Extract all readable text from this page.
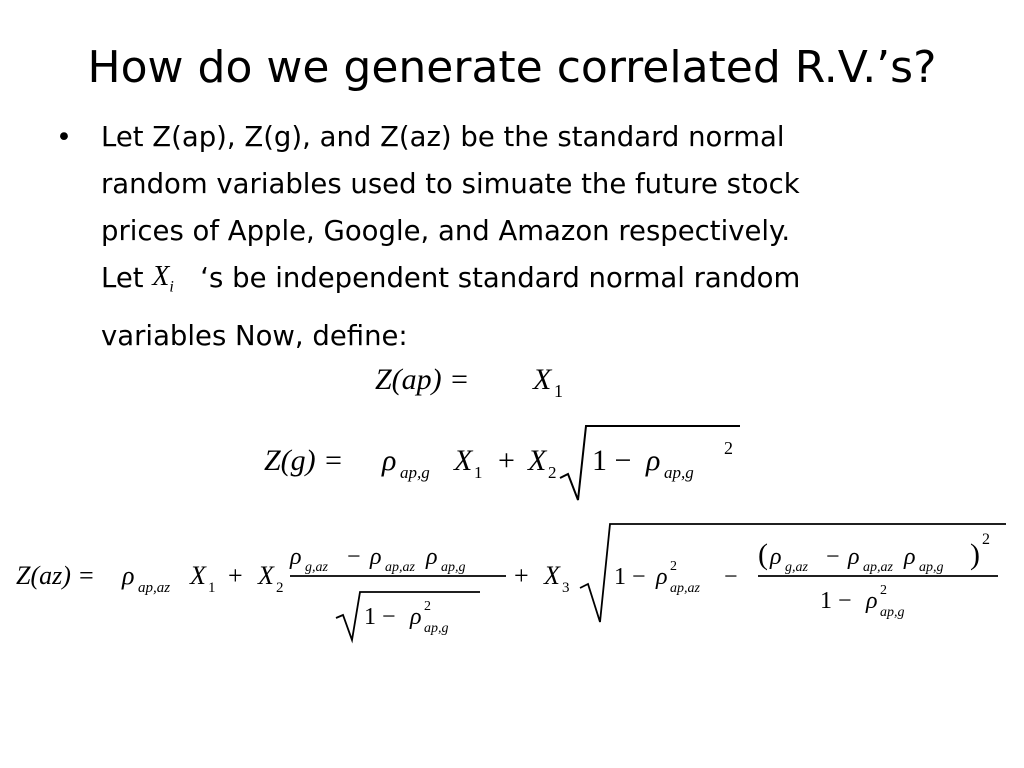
How do we generate correlated R.V.’s?
• Let Z(ap), Z(g), and Z(az) be the standard normal
random variables used to simuate the future stock
prices of Apple, Google, and Amazon respectively.
Let $X_i$ ‘s be independent standard normal random
variables Now, define:
Z(ap) = X 1
Z(g) = ρ ap,g X 1 + X 2 1 − ρ ap,g
2
Z(az) = ρ ap,az X 1 + X 2
ρ g,az − ρ ap,az ρ ap,g
1 − ρ 2
ap,g
+ X 3 1 − ρ 2
ap,az −
( ρ g,az − ρ ap,az ρ ap,g ) 2
1 − ρ 2
ap,g
